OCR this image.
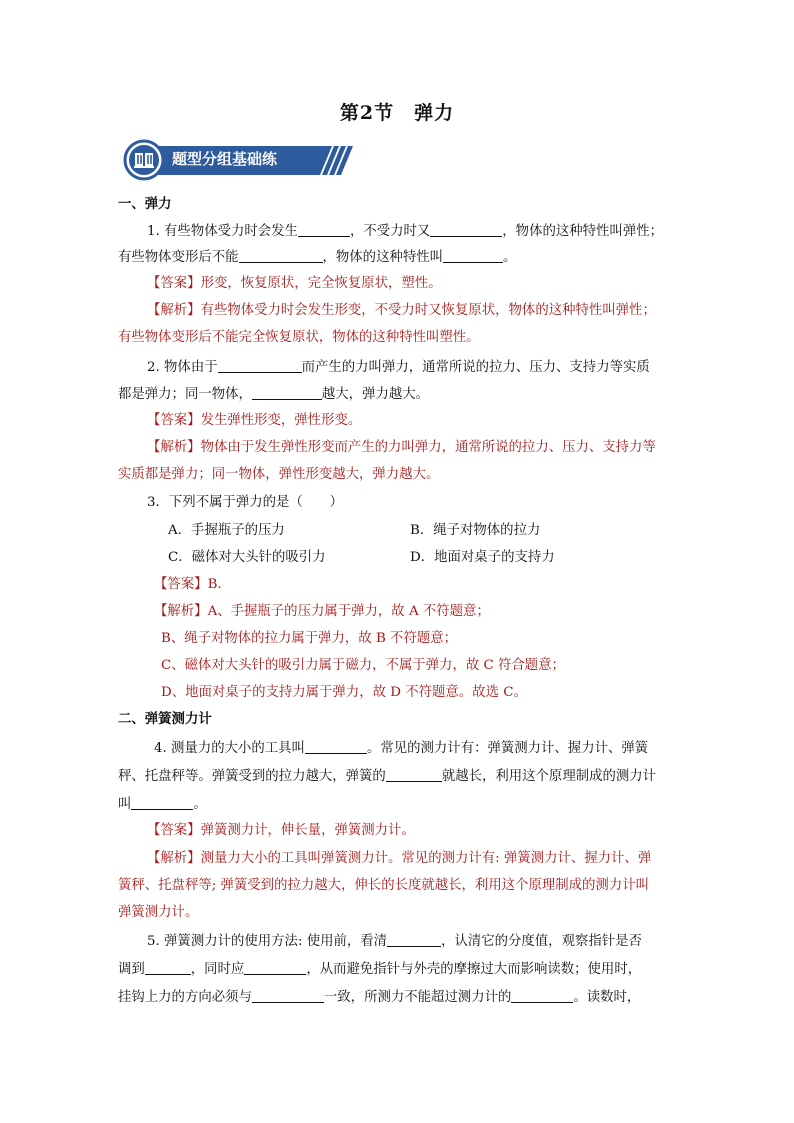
第2节　弹力
题型分组基础练
一、弹力
1. 有些物体受力时会发生	，不受力时又	，物体的这种特性叫弹性；
有些物体变形后不能	，物体的这种特性叫	。
【答案】形变，恢复原状，完全恢复原状，塑性。
【解析】有些物体受力时会发生形变，不受力时又恢复原状，物体的这种特性叫弹性；
有些物体变形后不能完全恢复原状，物体的这种特性叫塑性。
2. 物体由于	而产生的力叫弹力，通常所说的拉力、压力、支持力等实质
都是弹力；同一物体，	越大，弹力越大。
【答案】发生弹性形变，弹性形变。
【解析】物体由于发生弹性形变而产生的力叫弹力，通常所说的拉力、压力、支持力等
实质都是弹力；同一物体，弹性形变越大，弹力越大。
3．下列不属于弹力的是（　　）
A．手握瓶子的压力	B．绳子对物体的拉力
C．磁体对大头针的吸引力	D．地面对桌子的支持力
【答案】B.
【解析】A、手握瓶子的压力属于弹力，故 A 不符题意；
B、绳子对物体的拉力属于弹力，故 B 不符题意；
C、磁体对大头针的吸引力属于磁力，不属于弹力，故 C 符合题意；
D、地面对桌子的支持力属于弹力，故 D 不符题意。故选 C。
二、弹簧测力计
4. 测量力的大小的工具叫	。常见的测力计有：弹簧测力计、握力计、弹簧
秤、托盘秤等。弹簧受到的拉力越大，弹簧的	就越长，利用这个原理制成的测力计
叫	。
【答案】弹簧测力计，伸长量，弹簧测力计。
【解析】测量力大小的工具叫弹簧测力计。常见的测力计有: 弹簧测力计、握力计、弹
簧秤、托盘秤等; 弹簧受到的拉力越大，伸长的长度就越长，利用这个原理制成的测力计叫
弹簧测力计。
5. 弹簧测力计的使用方法: 使用前，看清	，认清它的分度值，观察指针是否
调到	，同时应	，从而避免指针与外壳的摩擦过大而影响读数；使用时，
挂钩上力的方向必须与	一致，所测力不能超过测力计的	。读数时，
